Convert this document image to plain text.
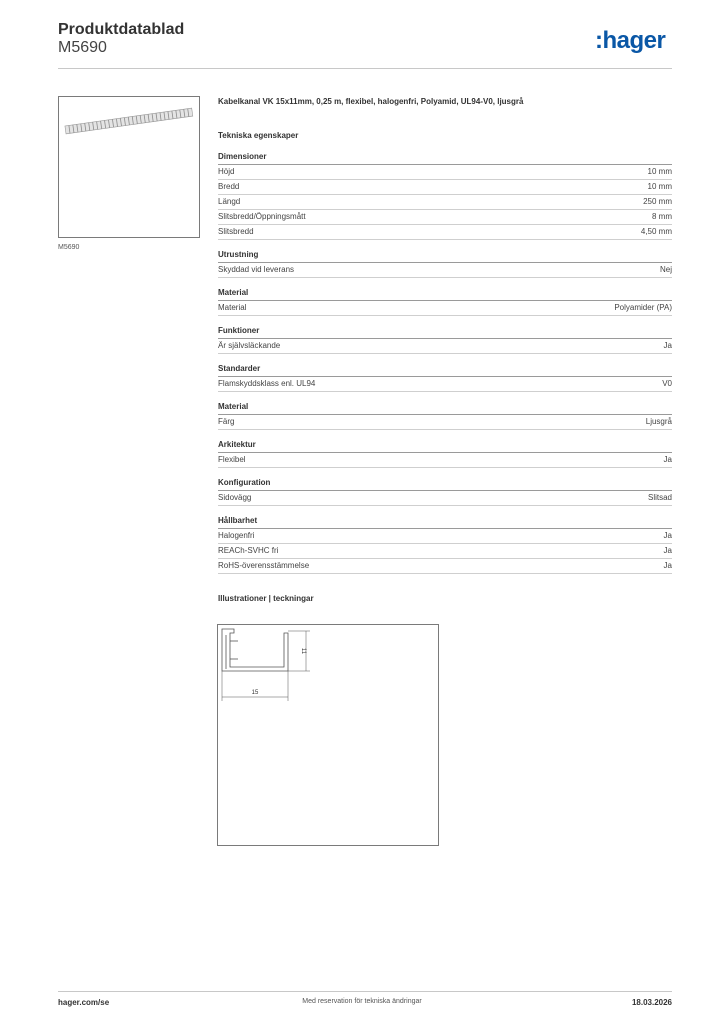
Produktdatablad
M5690	:hager
M5690
Kabelkanal VK 15x11mm, 0,25 m, flexibel, halogenfri, Polyamid, UL94-V0, ljusgrå
Tekniska egenskaper
Dimensioner
Höjd	10 mm
Bredd	10 mm
Längd	250 mm
Slitsbredd/Öppningsmått	8 mm
Slitsbredd	4,50 mm
Utrustning
Skyddad vid leverans	Nej
Material
Material	Polyamider (PA)
Funktioner
Är självsläckande	Ja
Standarder
Flamskyddsklass enl. UL94	V0
Material
Färg	Ljusgrå
Arkitektur
Flexibel	Ja
Konfiguration
Sidovägg	Slitsad
Hållbarhet
Halogenfri	Ja
REACh-SVHC fri	Ja
RoHS-överensstämmelse	Ja
Illustrationer | teckningar
15
11
hager.com/se	Med reservation för tekniska ändringar	18.03.2026
